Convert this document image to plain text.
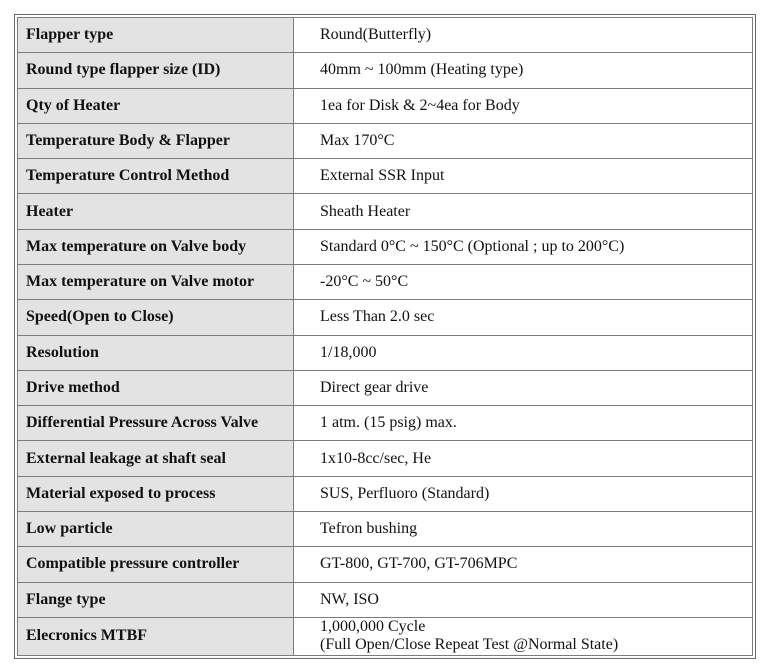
Flapper type	Round(Butterfly)

Round type flapper size (ID)	40mm ~ 100mm (Heating type)

Qty of Heater	1ea for Disk & 2~4ea for Body

Temperature Body & Flapper	Max 170°C

Temperature Control Method	External SSR Input

Heater	Sheath Heater

Max temperature on Valve body	Standard 0°C ~ 150°C (Optional ; up to 200°C)

Max temperature on Valve motor	-20°C ~ 50°C

Speed(Open to Close)	Less Than 2.0 sec

Resolution	1/18,000

Drive method	Direct gear drive

Differential Pressure Across Valve	1 atm. (15 psig) max.

External leakage at shaft seal	1x10-8cc/sec, He

Material exposed to process	SUS, Perfluoro (Standard)

Low particle	Tefron bushing

Compatible pressure controller	GT-800, GT-700, GT-706MPC

Flange type	NW, ISO

Elecronics MTBF	1,000,000 Cycle
(Full Open/Close Repeat Test @Normal State)
